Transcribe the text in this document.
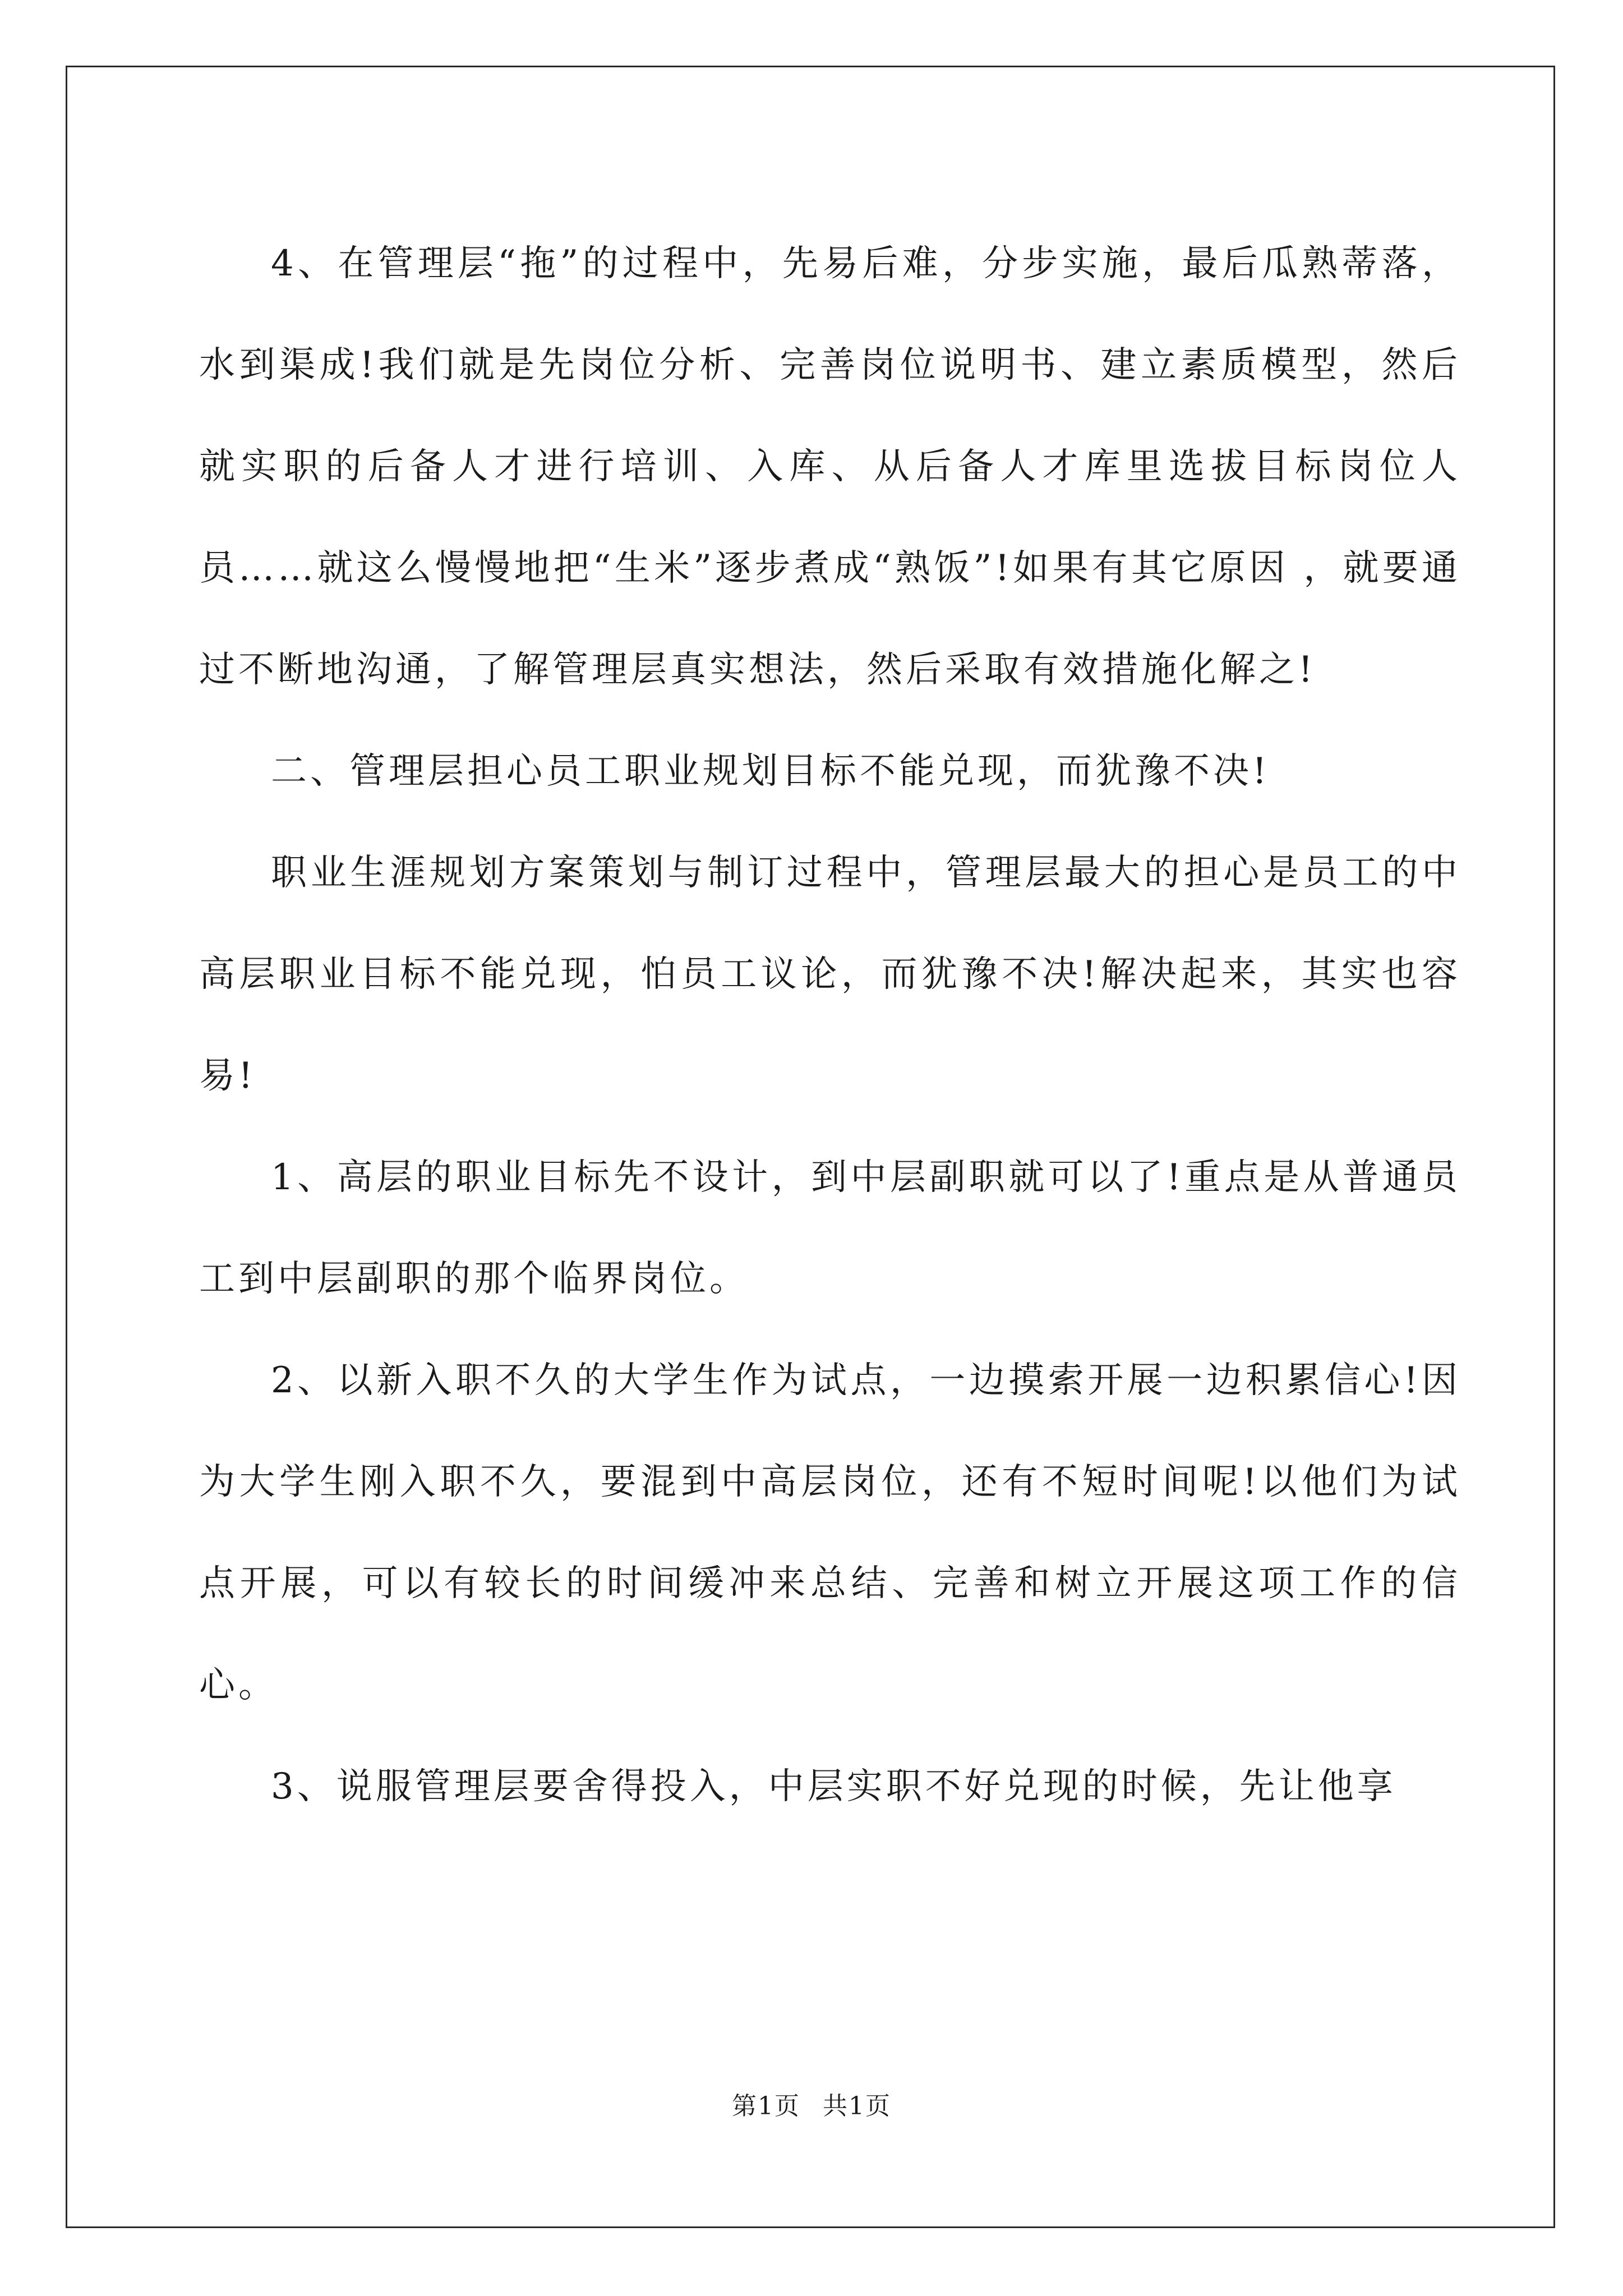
4、在管理层“拖”的过程中，先易后难，分步实施，最后瓜熟蒂落，水到渠成!我们就是先岗位分析、完善岗位说明书、建立素质模型，然后就实职的后备人才进行培训、入库、从后备人才库里选拔目标岗位人员……就这么慢慢地把“生米”逐步煮成“熟饭”!如果有其它原因 ，就要通过不断地沟通，了解管理层真实想法，然后采取有效措施化解之!

二、管理层担心员工职业规划目标不能兑现，而犹豫不决!

职业生涯规划方案策划与制订过程中，管理层最大的担心是员工的中高层职业目标不能兑现，怕员工议论，而犹豫不决!解决起来，其实也容易!

1、高层的职业目标先不设计，到中层副职就可以了!重点是从普通员工到中层副职的那个临界岗位。

2、以新入职不久的大学生作为试点，一边摸索开展一边积累信心!因为大学生刚入职不久，要混到中高层岗位，还有不短时间呢!以他们为试点开展，可以有较长的时间缓冲来总结、完善和树立开展这项工作的信心。

3、说服管理层要舍得投入，中层实职不好兑现的时候，先让他享

第1页 共1页
